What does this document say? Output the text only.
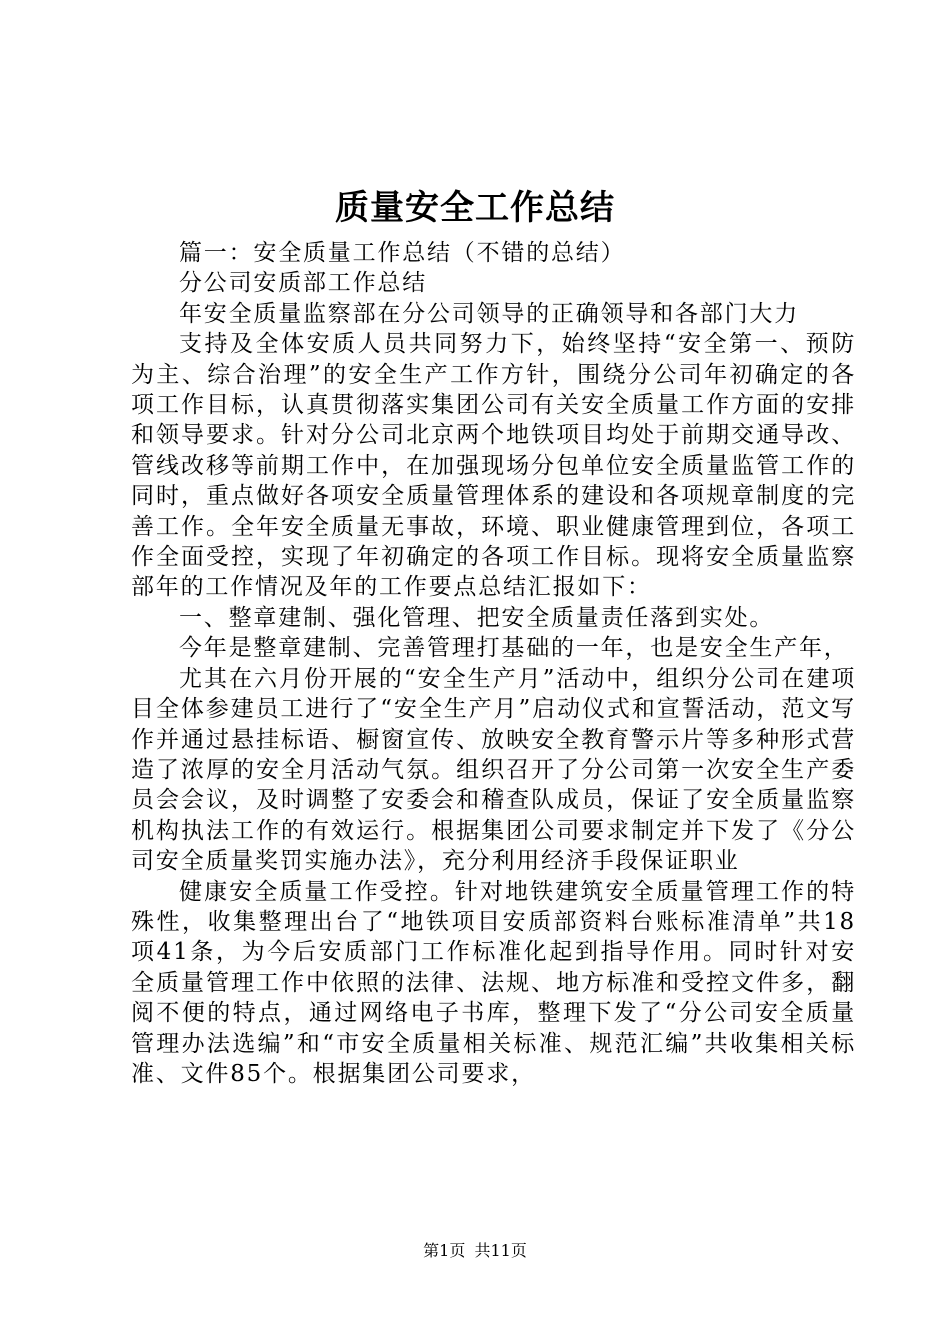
质量安全工作总结

篇一：安全质量工作总结（不错的总结）

分公司安质部工作总结

年安全质量监察部在分公司领导的正确领导和各部门大力

支持及全体安质人员共同努力下，始终坚持“安全第一、预防为主、综合治理”的安全生产工作方针，围绕分公司年初确定的各项工作目标，认真贯彻落实集团公司有关安全质量工作方面的安排和领导要求。针对分公司北京两个地铁项目均处于前期交通导改、管线改移等前期工作中，在加强现场分包单位安全质量监管工作的同时，重点做好各项安全质量管理体系的建设和各项规章制度的完善工作。全年安全质量无事故，环境、职业健康管理到位，各项工作全面受控，实现了年初确定的各项工作目标。现将安全质量监察部年的工作情况及年的工作要点总结汇报如下：

一、整章建制、强化管理、把安全质量责任落到实处。

今年是整章建制、完善管理打基础的一年，也是安全生产年，

尤其在六月份开展的“安全生产月”活动中，组织分公司在建项目全体参建员工进行了“安全生产月”启动仪式和宣誓活动，范文写作并通过悬挂标语、橱窗宣传、放映安全教育警示片等多种形式营造了浓厚的安全月活动气氛。组织召开了分公司第一次安全生产委员会会议，及时调整了安委会和稽查队成员，保证了安全质量监察机构执法工作的有效运行。根据集团公司要求制定并下发了《分公司安全质量奖罚实施办法》，充分利用经济手段保证职业

健康安全质量工作受控。针对地铁建筑安全质量管理工作的特殊性，收集整理出台了“地铁项目安质部资料台账标准清单”共18项41条，为今后安质部门工作标准化起到指导作用。同时针对安全质量管理工作中依照的法律、法规、地方标准和受控文件多，翻阅不便的特点，通过网络电子书库，整理下发了“分公司安全质量管理办法选编”和“市安全质量相关标准、规范汇编”共收集相关标准、文件85个。根据集团公司要求，

第1页 共11页
